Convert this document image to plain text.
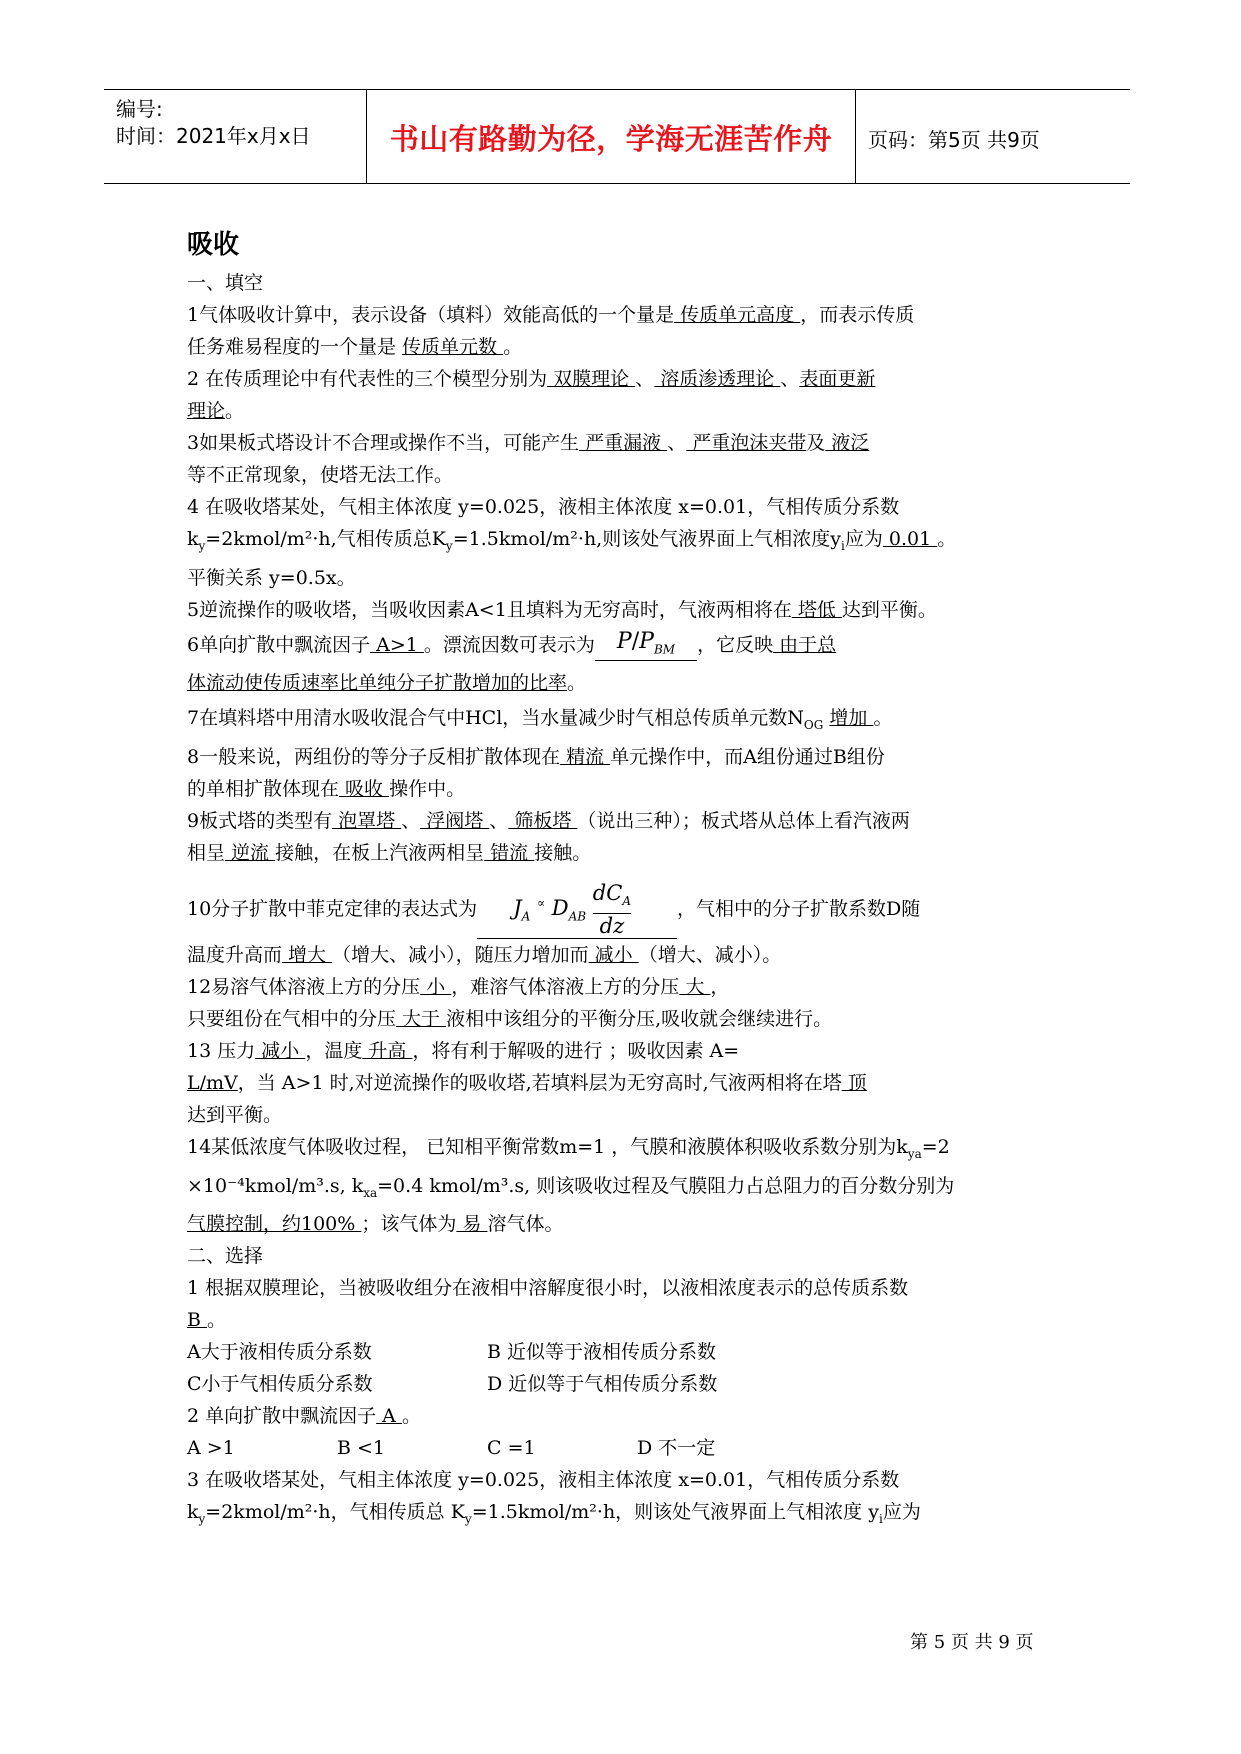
编号:
时间：2021年x月x日	书山有路勤为径，学海无涯苦作舟	页码：第5页 共9页
吸收

一、填空

1气体吸收计算中，表示设备（填料）效能高低的一个量是 传质单元高度 ，而表示传质
任务难易程度的一个量是 传质单元数 。

2 在传质理论中有代表性的三个模型分别为 双膜理论 、 溶质渗透理论 、表面更新
理论。

3如果板式塔设计不合理或操作不当，可能产生 严重漏液 、 严重泡沫夹带及 液泛
等不正常现象，使塔无法工作。

4 在吸收塔某处，气相主体浓度 y=0.025，液相主体浓度 x=0.01，气相传质分系数
$k_y=2kmol/m^2\cdot h$,气相传质总$K_y=1.5kmol/m^2\cdot h$,则该处气液界面上气相浓度$y_i$应为 0.01 。
平衡关系 y=0.5x。

5逆流操作的吸收塔，当吸收因素A<1且填料为无穷高时，气液两相将在 塔低 达到平衡。

6单向扩散中飘流因子 A>1 。漂流因数可表示为 $P/P_{BM}$ ，它反映 由于总
体流动使传质速率比单纯分子扩散增加的比率。

7在填料塔中用清水吸收混合气中HCl，当水量减少时气相总传质单元数$N_{OG}$ 增加 。

8一般来说，两组份的等分子反相扩散体现在 精流 单元操作中，而A组份通过B组份
的单相扩散体现在 吸收 操作中。

9板式塔的类型有 泡罩塔 、 浮阀塔 、 筛板塔 （说出三种）；板式塔从总体上看汽液两
相呈 逆流 接触，在板上汽液两相呈 错流 接触。

10分子扩散中菲克定律的表达式为 $J_A$ ∝ $D_{AB}$
$dC_A$
dz
，气相中的分子扩散系数D随
温度升高而 增大 （增大、减小），随压力增加而 减小 （增大、减小）。

12易溶气体溶液上方的分压 小 ，难溶气体溶液上方的分压 大 ，
只要组份在气相中的分压 大于 液相中该组分的平衡分压,吸收就会继续进行。

13 压力 减小 ，温度 升高 ，将有利于解吸的进行 ；吸收因素 A=
L/mV，当 A>1 时,对逆流操作的吸收塔,若填料层为无穷高时,气液两相将在塔 顶
达到平衡。

14某低浓度气体吸收过程， 已知相平衡常数m=1 ，气膜和液膜体积吸收系数分别为$k_{ya}=2$
×10⁻⁴kmol/m³.s, $k_{xa}=0.4$ kmol/m³.s, 则该吸收过程及气膜阻力占总阻力的百分数分别为
气膜控制，约100% ；该气体为 易 溶气体。

二、选择

1 根据双膜理论，当被吸收组分在液相中溶解度很小时，以液相浓度表示的总传质系数
B 。

A大于液相传质分系数	B 近似等于液相传质分系数
C小于气相传质分系数	D 近似等于气相传质分系数

2 单向扩散中飘流因子 A 。

A >1	B <1	C =1	D 不一定

3 在吸收塔某处，气相主体浓度 y=0.025，液相主体浓度 x=0.01，气相传质分系数
$k_y=2kmol/m^2\cdot h$，气相传质总 $K_y=1.5kmol/m^2\cdot h$，则该处气液界面上气相浓度 $y_i$应为

第 5 页 共 9 页
